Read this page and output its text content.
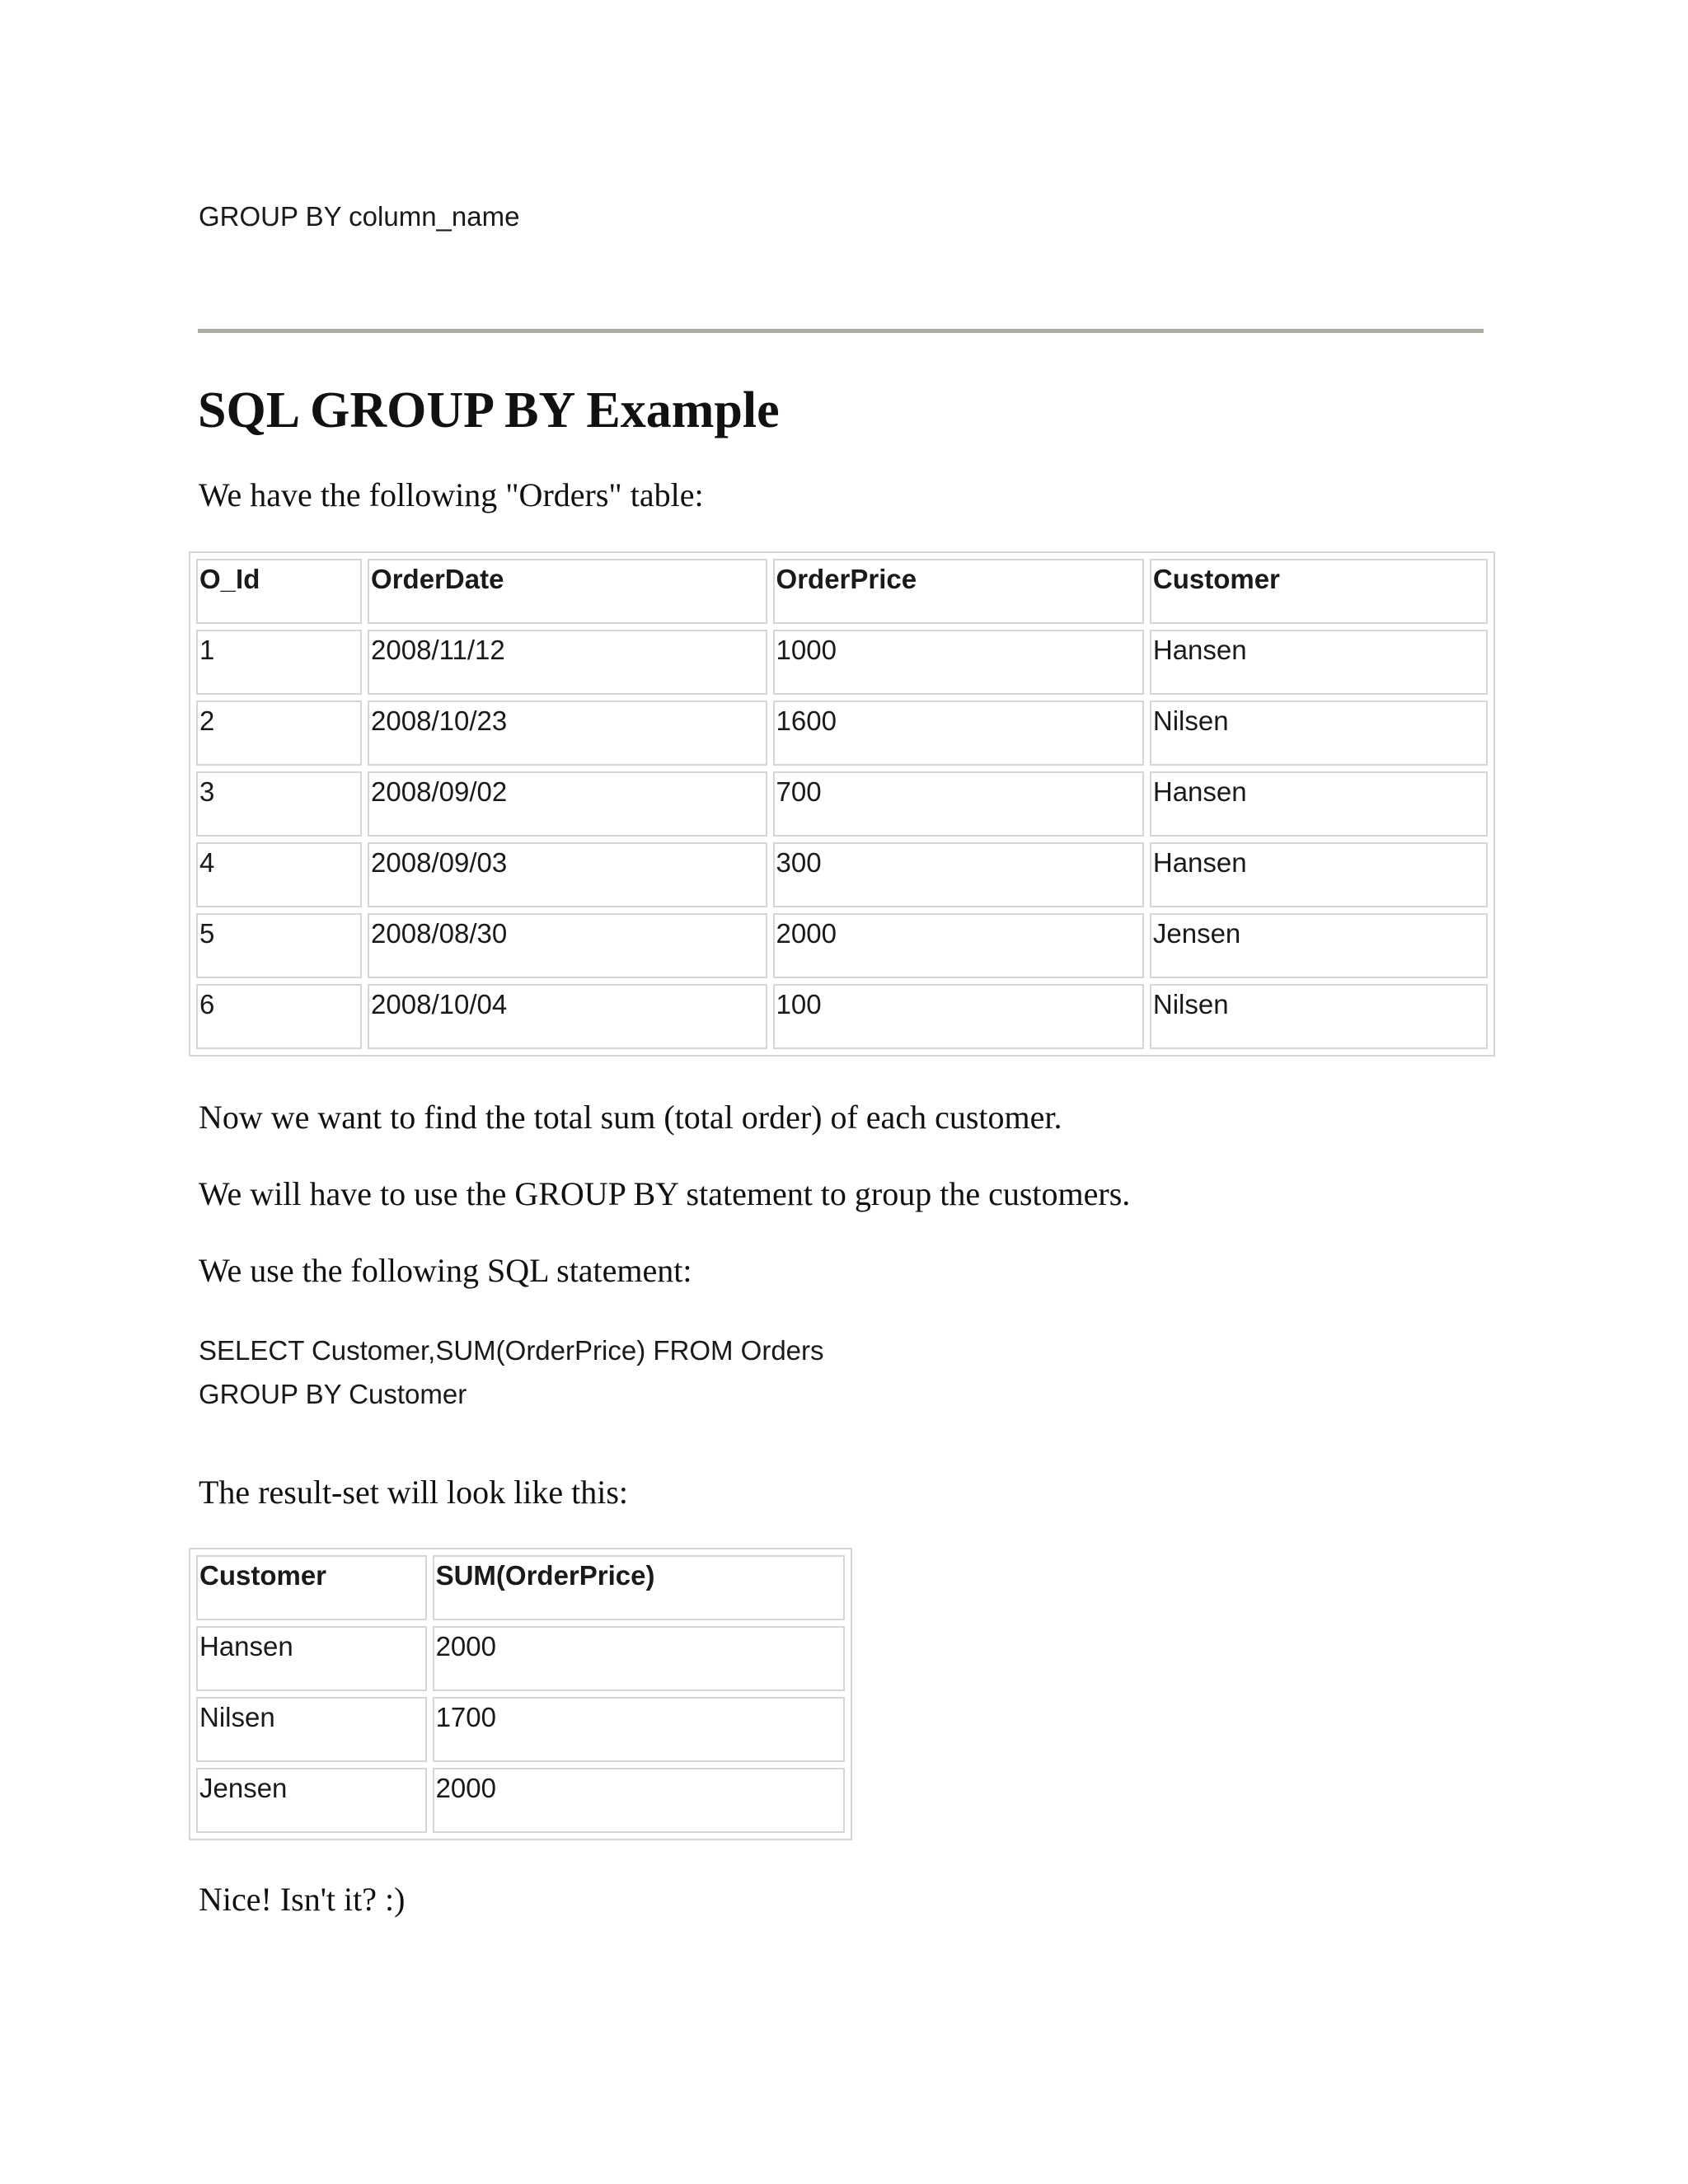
GROUP BY column_name
SQL GROUP BY Example

We have the following "Orders" table:

O_Id	OrderDate	OrderPrice	Customer
1	2008/11/12	1000	Hansen
2	2008/10/23	1600	Nilsen
3	2008/09/02	700	Hansen
4	2008/09/03	300	Hansen
5	2008/08/30	2000	Jensen
6	2008/10/04	100	Nilsen

Now we want to find the total sum (total order) of each customer.

We will have to use the GROUP BY statement to group the customers.

We use the following SQL statement:

SELECT Customer,SUM(OrderPrice) FROM Orders
GROUP BY Customer

The result-set will look like this:

Customer	SUM(OrderPrice)
Hansen	2000
Nilsen	1700
Jensen	2000

Nice! Isn't it? :)
